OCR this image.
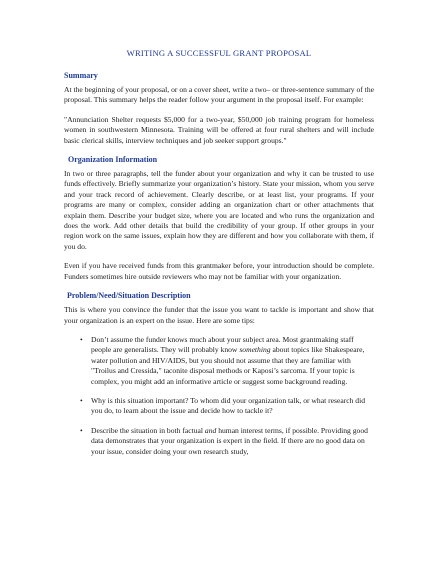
WRITING A SUCCESSFUL GRANT PROPOSAL
Summary

At the beginning of your proposal, or on a cover sheet, write a two– or three-sentence summary of the proposal. This summary helps the reader follow your argument in the proposal itself. For example:

"Annunciation Shelter requests $5,000 for a two-year, $50,000 job training program for homeless women in southwestern Minnesota. Training will be offered at four rural shelters and will include basic clerical skills, interview techniques and job seeker support groups."

Organization Information

In two or three paragraphs, tell the funder about your organization and why it can be trusted to use funds effectively. Briefly summarize your organization’s history. State your mission, whom you serve and your track record of achievement. Clearly describe, or at least list, your programs. If your programs are many or complex, consider adding an organization chart or other attachments that explain them. Describe your budget size, where you are located and who runs the organization and does the work. Add other details that build the credibility of your group. If other groups in your region work on the same issues, explain how they are different and how you collaborate with them, if you do.

Even if you have received funds from this grantmaker before, your introduction should be complete. Funders sometimes hire outside reviewers who may not be familiar with your organization.

Problem/Need/Situation Description

This is where you convince the funder that the issue you want to tackle is important and show that your organization is an expert on the issue. Here are some tips:

• Don’t assume the funder knows much about your subject area. Most grantmaking staff people are generalists. They will probably know something about topics like Shakespeare, water pollution and HIV/AIDS, but you should not assume that they are familiar with "Troilus and Cressida," taconite disposal methods or Kaposi’s sarcoma. If your topic is complex, you might add an informative article or suggest some background reading.
• Why is this situation important? To whom did your organization talk, or what research did you do, to learn about the issue and decide how to tackle it?
• Describe the situation in both factual and human interest terms, if possible. Providing good data demonstrates that your organization is expert in the field. If there are no good data on your issue, consider doing your own research study,
